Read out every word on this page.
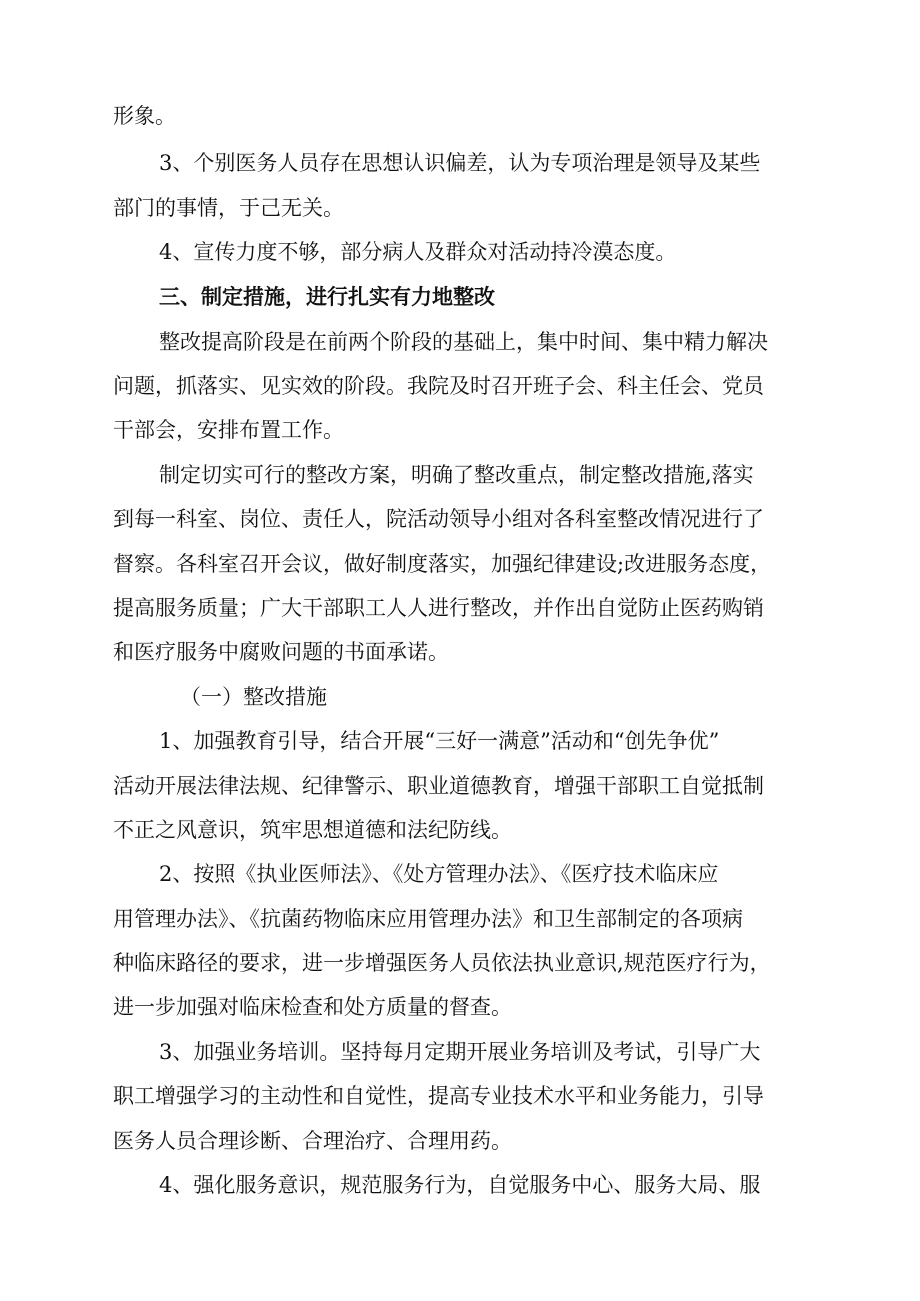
形象。
3、个别医务人员存在思想认识偏差，认为专项治理是领导及某些
部门的事情，于己无关。
4、宣传力度不够，部分病人及群众对活动持冷漠态度。
三、制定措施，进行扎实有力地整改
整改提高阶段是在前两个阶段的基础上，集中时间、集中精力解决
问题，抓落实、见实效的阶段。我院及时召开班子会、科主任会、党员
干部会，安排布置工作。
制定切实可行的整改方案，明确了整改重点，制定整改措施,落实
到每一科室、岗位、责任人，院活动领导小组对各科室整改情况进行了
督察。各科室召开会议，做好制度落实，加强纪律建设;改进服务态度，
提高服务质量；广大干部职工人人进行整改，并作出自觉防止医药购销
和医疗服务中腐败问题的书面承诺。
（一）整改措施
1、加强教育引导，结合开展“三好一满意”活动和“创先争优”
活动开展法律法规、纪律警示、职业道德教育，增强干部职工自觉抵制
不正之风意识，筑牢思想道德和法纪防线。
2、按照《执业医师法》、《处方管理办法》、《医疗技术临床应
用管理办法》、《抗菌药物临床应用管理办法》和卫生部制定的各项病
种临床路径的要求，进一步增强医务人员依法执业意识,规范医疗行为，
进一步加强对临床检查和处方质量的督查。
3、加强业务培训。坚持每月定期开展业务培训及考试，引导广大
职工增强学习的主动性和自觉性，提高专业技术水平和业务能力，引导
医务人员合理诊断、合理治疗、合理用药。
4、强化服务意识，规范服务行为，自觉服务中心、服务大局、服
